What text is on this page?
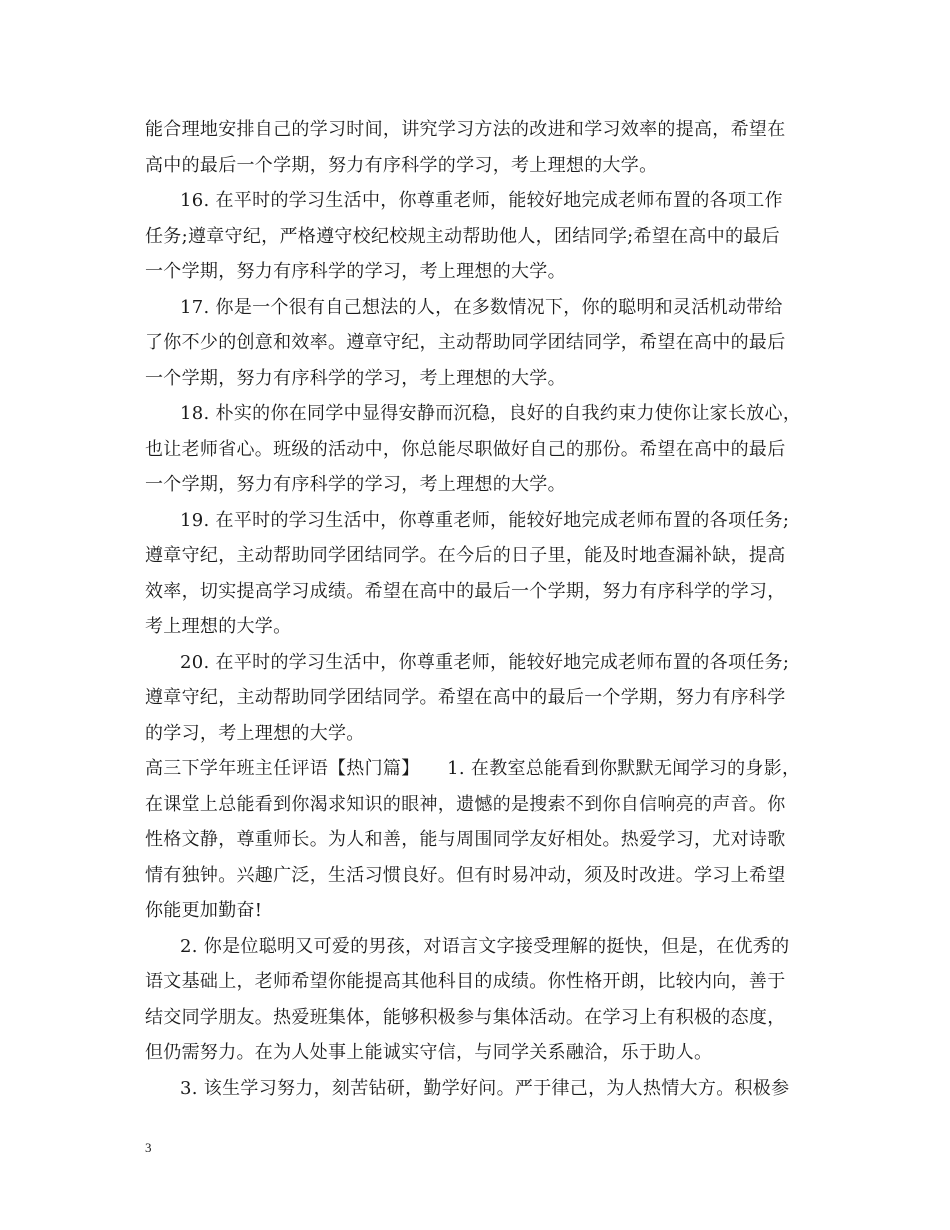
能合理地安排自己的学习时间，讲究学习方法的改进和学习效率的提高，希望在
高中的最后一个学期，努力有序科学的学习，考上理想的大学。
16. 在平时的学习生活中，你尊重老师，能较好地完成老师布置的各项工作
任务;遵章守纪，严格遵守校纪校规主动帮助他人，团结同学;希望在高中的最后
一个学期，努力有序科学的学习，考上理想的大学。
17. 你是一个很有自己想法的人，在多数情况下，你的聪明和灵活机动带给
了你不少的创意和效率。遵章守纪，主动帮助同学团结同学，希望在高中的最后
一个学期，努力有序科学的学习，考上理想的大学。
18. 朴实的你在同学中显得安静而沉稳，良好的自我约束力使你让家长放心，
也让老师省心。班级的活动中，你总能尽职做好自己的那份。希望在高中的最后
一个学期，努力有序科学的学习，考上理想的大学。
19. 在平时的学习生活中，你尊重老师，能较好地完成老师布置的各项任务;
遵章守纪，主动帮助同学团结同学。在今后的日子里，能及时地查漏补缺，提高
效率，切实提高学习成绩。希望在高中的最后一个学期，努力有序科学的学习，
考上理想的大学。
20. 在平时的学习生活中，你尊重老师，能较好地完成老师布置的各项任务;
遵章守纪，主动帮助同学团结同学。希望在高中的最后一个学期，努力有序科学
的学习，考上理想的大学。
高三下学年班主任评语【热门篇】　　1. 在教室总能看到你默默无闻学习的身影，
在课堂上总能看到你渴求知识的眼神，遗憾的是搜索不到你自信响亮的声音。你
性格文静，尊重师长。为人和善，能与周围同学友好相处。热爱学习，尤对诗歌
情有独钟。兴趣广泛，生活习惯良好。但有时易冲动，须及时改进。学习上希望
你能更加勤奋!
2. 你是位聪明又可爱的男孩，对语言文字接受理解的挺快，但是，在优秀的
语文基础上，老师希望你能提高其他科目的成绩。你性格开朗，比较内向，善于
结交同学朋友。热爱班集体，能够积极参与集体活动。在学习上有积极的态度，
但仍需努力。在为人处事上能诚实守信，与同学关系融洽，乐于助人。
3. 该生学习努力，刻苦钻研，勤学好问。严于律己，为人热情大方。积极参
3
